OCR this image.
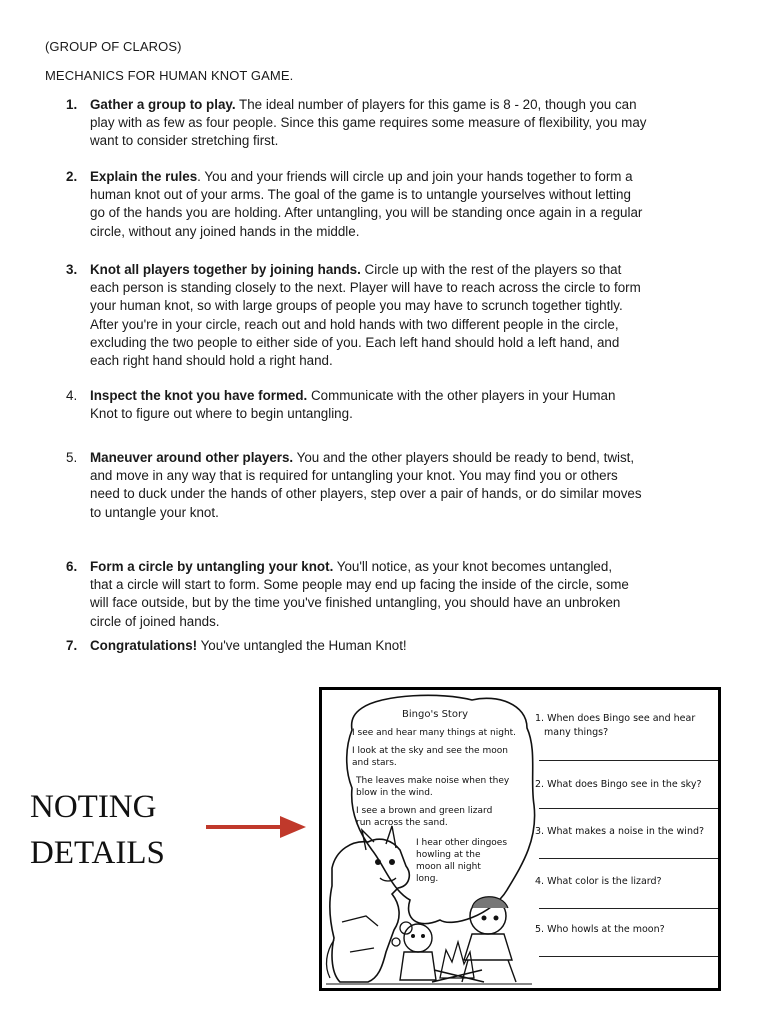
(GROUP OF CLAROS)
MECHANICS FOR HUMAN KNOT GAME.
1. Gather a group to play. The ideal number of players for this game is 8 - 20, though you can
play with as few as four people. Since this game requires some measure of flexibility, you may
want to consider stretching first.
2. Explain the rules. You and your friends will circle up and join your hands together to form a
human knot out of your arms. The goal of the game is to untangle yourselves without letting
go of the hands you are holding. After untangling, you will be standing once again in a regular
circle, without any joined hands in the middle.
3. Knot all players together by joining hands. Circle up with the rest of the players so that
each person is standing closely to the next. Player will have to reach across the circle to form
your human knot, so with large groups of people you may have to scrunch together tightly.
After you're in your circle, reach out and hold hands with two different people in the circle,
excluding the two people to either side of you. Each left hand should hold a left hand, and
each right hand should hold a right hand.
4. Inspect the knot you have formed. Communicate with the other players in your Human
Knot to figure out where to begin untangling.
5. Maneuver around other players. You and the other players should be ready to bend, twist,
and move in any way that is required for untangling your knot. You may find you or others
need to duck under the hands of other players, step over a pair of hands, or do similar moves
to untangle your knot.
6. Form a circle by untangling your knot. You'll notice, as your knot becomes untangled,
that a circle will start to form. Some people may end up facing the inside of the circle, some
will face outside, but by the time you've finished untangling, you should have an unbroken
circle of joined hands.
7. Congratulations! You've untangled the Human Knot!
Bingo's Story
I see and hear many things at night.
I look at the sky and see the moon
and stars.
The leaves make noise when they
blow in the wind.
I see a brown and green lizard
run across the sand.
I hear other dingoes
howling at the
moon all night
long.
1. When does Bingo see and hear
many things?
2. What does Bingo see in the sky?
3. What makes a noise in the wind?
4. What color is the lizard?
5. Who howls at the moon?
NOTING
DETAILS
